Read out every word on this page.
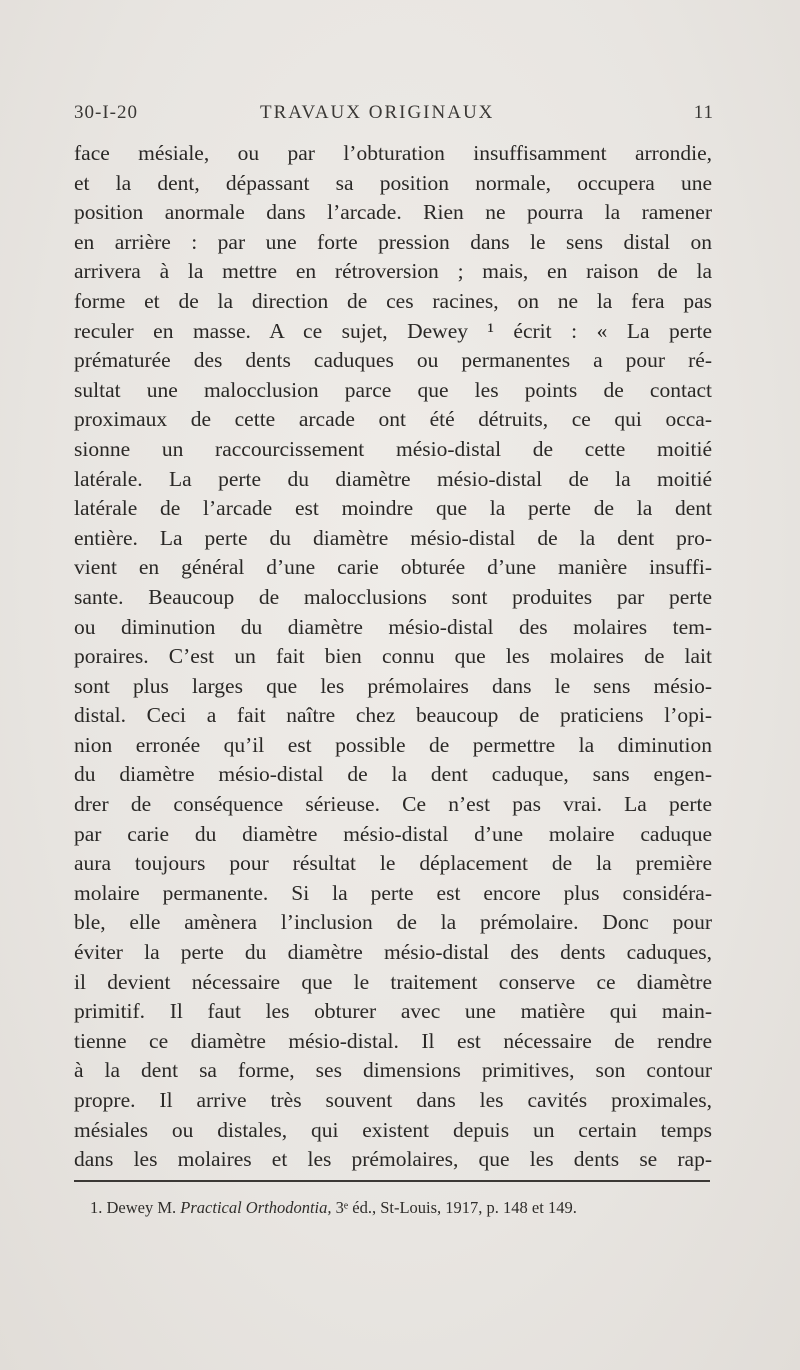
30-I-20	TRAVAUX ORIGINAUX	11
face mésiale, ou par l’obturation insuffisamment arrondie,
et la dent, dépassant sa position normale, occupera une
position anormale dans l’arcade. Rien ne pourra la ramener
en arrière : par une forte pression dans le sens distal on
arrivera à la mettre en rétroversion ; mais, en raison de la
forme et de la direction de ces racines, on ne la fera pas
reculer en masse. A ce sujet, Dewey ¹ écrit : « La perte
prématurée des dents caduques ou permanentes a pour ré-
sultat une malocclusion parce que les points de contact
proximaux de cette arcade ont été détruits, ce qui occa-
sionne un raccourcissement mésio-distal de cette moitié
latérale. La perte du diamètre mésio-distal de la moitié
latérale de l’arcade est moindre que la perte de la dent
entière. La perte du diamètre mésio-distal de la dent pro-
vient en général d’une carie obturée d’une manière insuffi-
sante. Beaucoup de malocclusions sont produites par perte
ou diminution du diamètre mésio-distal des molaires tem-
poraires. C’est un fait bien connu que les molaires de lait
sont plus larges que les prémolaires dans le sens mésio-
distal. Ceci a fait naître chez beaucoup de praticiens l’opi-
nion erronée qu’il est possible de permettre la diminution
du diamètre mésio-distal de la dent caduque, sans engen-
drer de conséquence sérieuse. Ce n’est pas vrai. La perte
par carie du diamètre mésio-distal d’une molaire caduque
aura toujours pour résultat le déplacement de la première
molaire permanente. Si la perte est encore plus considéra-
ble, elle amènera l’inclusion de la prémolaire. Donc pour
éviter la perte du diamètre mésio-distal des dents caduques,
il devient nécessaire que le traitement conserve ce diamètre
primitif. Il faut les obturer avec une matière qui main-
tienne ce diamètre mésio-distal. Il est nécessaire de rendre
à la dent sa forme, ses dimensions primitives, son contour
propre. Il arrive très souvent dans les cavités proximales,
mésiales ou distales, qui existent depuis un certain temps
dans les molaires et les prémolaires, que les dents se rap-
1. Dewey M. Practical Orthodontia, 3ᵉ éd., St-Louis, 1917, p. 148 et 149.
